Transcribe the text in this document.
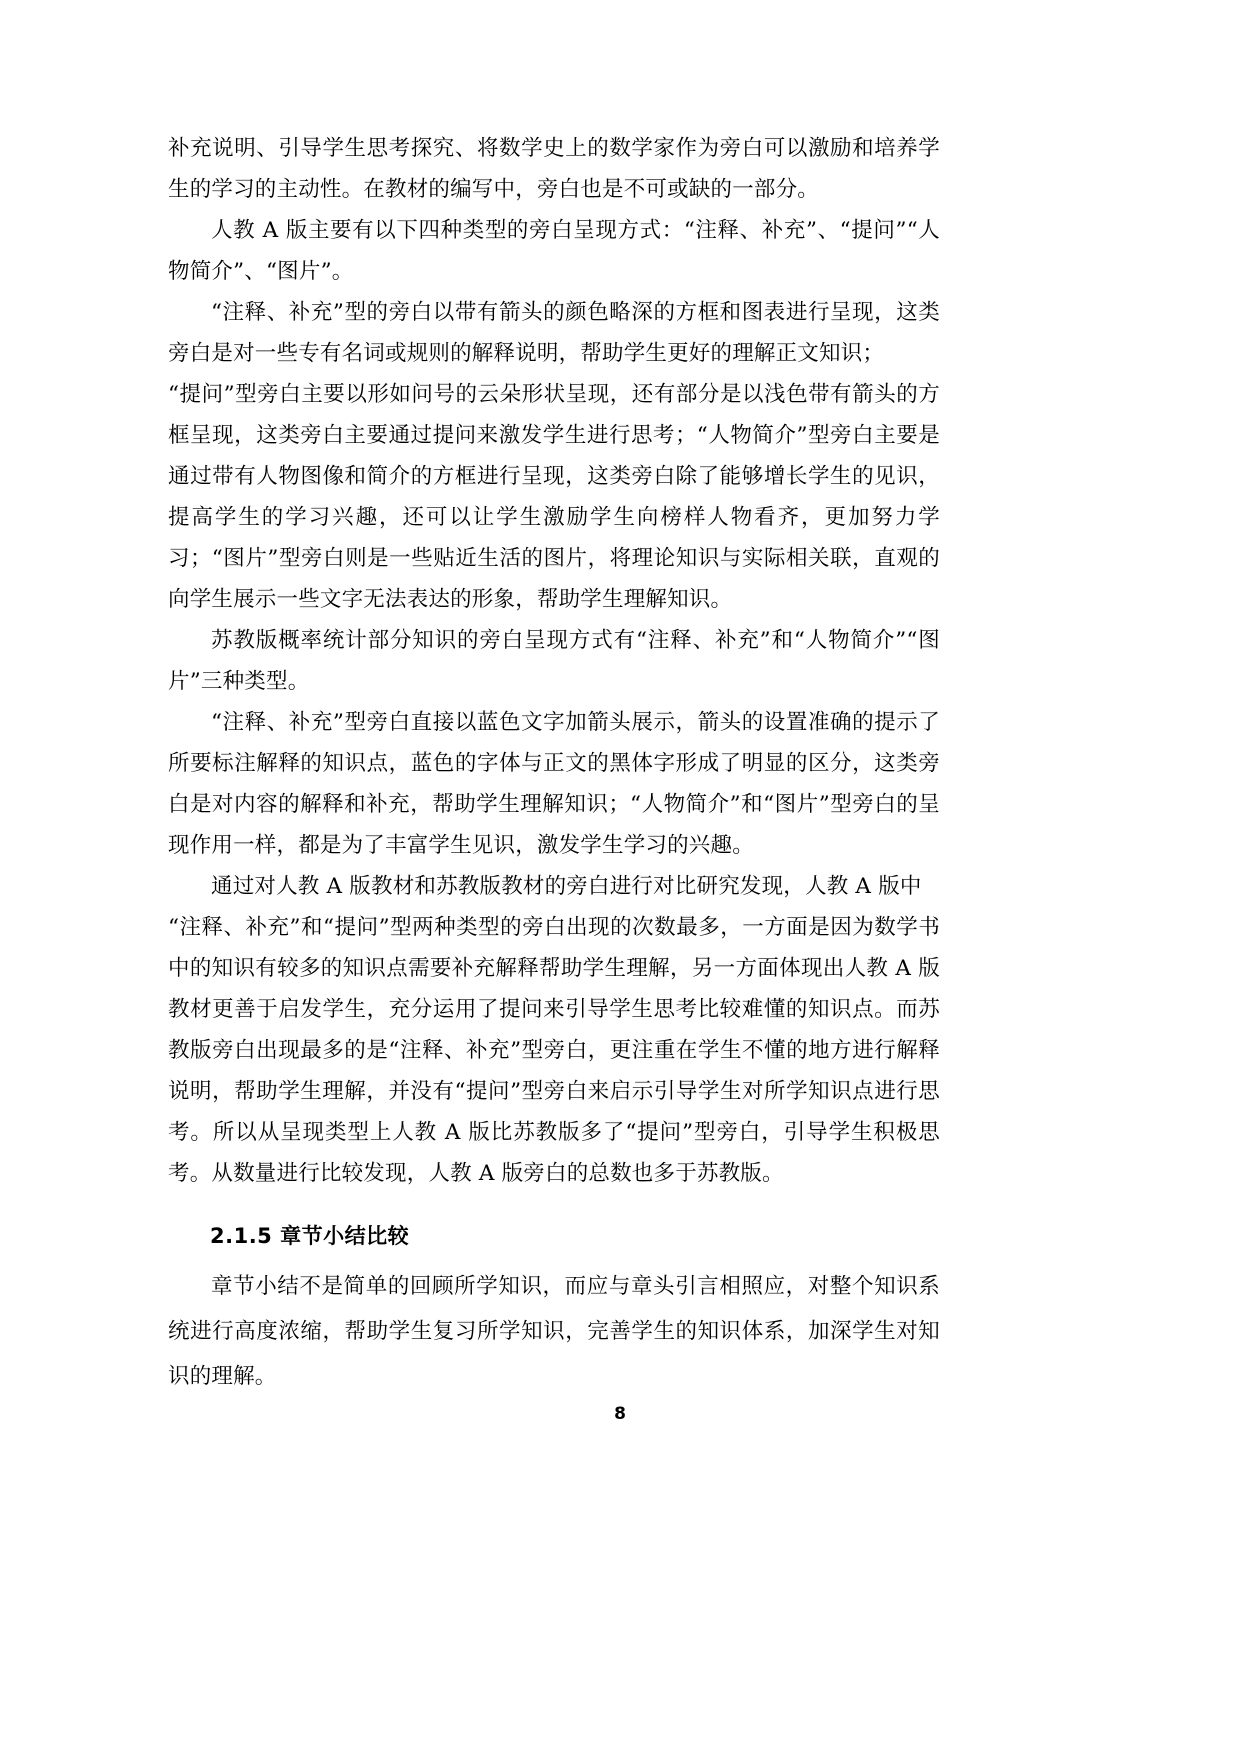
补充说明、引导学生思考探究、将数学史上的数学家作为旁白可以激励和培养学生的学习的主动性。在教材的编写中，旁白也是不可或缺的一部分。

人教 A 版主要有以下四种类型的旁白呈现方式：“注释、补充”、“提问”“人物简介”、“图片”。

“注释、补充”型的旁白以带有箭头的颜色略深的方框和图表进行呈现，这类旁白是对一些专有名词或规则的解释说明，帮助学生更好的理解正文知识；

“提问”型旁白主要以形如问号的云朵形状呈现，还有部分是以浅色带有箭头的方框呈现，这类旁白主要通过提问来激发学生进行思考；“人物简介”型旁白主要是通过带有人物图像和简介的方框进行呈现，这类旁白除了能够增长学生的见识，提高学生的学习兴趣，还可以让学生激励学生向榜样人物看齐，更加努力学习；“图片”型旁白则是一些贴近生活的图片，将理论知识与实际相关联，直观的向学生展示一些文字无法表达的形象，帮助学生理解知识。

苏教版概率统计部分知识的旁白呈现方式有“注释、补充”和“人物简介”“图片”三种类型。

“注释、补充”型旁白直接以蓝色文字加箭头展示，箭头的设置准确的提示了所要标注解释的知识点，蓝色的字体与正文的黑体字形成了明显的区分，这类旁白是对内容的解释和补充，帮助学生理解知识；“人物简介”和“图片”型旁白的呈现作用一样，都是为了丰富学生见识，激发学生学习的兴趣。

通过对人教 A 版教材和苏教版教材的旁白进行对比研究发现，人教 A 版中

“注释、补充”和“提问”型两种类型的旁白出现的次数最多，一方面是因为数学书中的知识有较多的知识点需要补充解释帮助学生理解，另一方面体现出人教 A 版教材更善于启发学生，充分运用了提问来引导学生思考比较难懂的知识点。而苏教版旁白出现最多的是“注释、补充”型旁白，更注重在学生不懂的地方进行解释说明，帮助学生理解，并没有“提问”型旁白来启示引导学生对所学知识点进行思考。所以从呈现类型上人教 A 版比苏教版多了“提问”型旁白，引导学生积极思考。从数量进行比较发现，人教 A 版旁白的总数也多于苏教版。

2.1.5 章节小结比较

章节小结不是简单的回顾所学知识，而应与章头引言相照应，对整个知识系统进行高度浓缩，帮助学生复习所学知识，完善学生的知识体系，加深学生对知识的理解。

8
